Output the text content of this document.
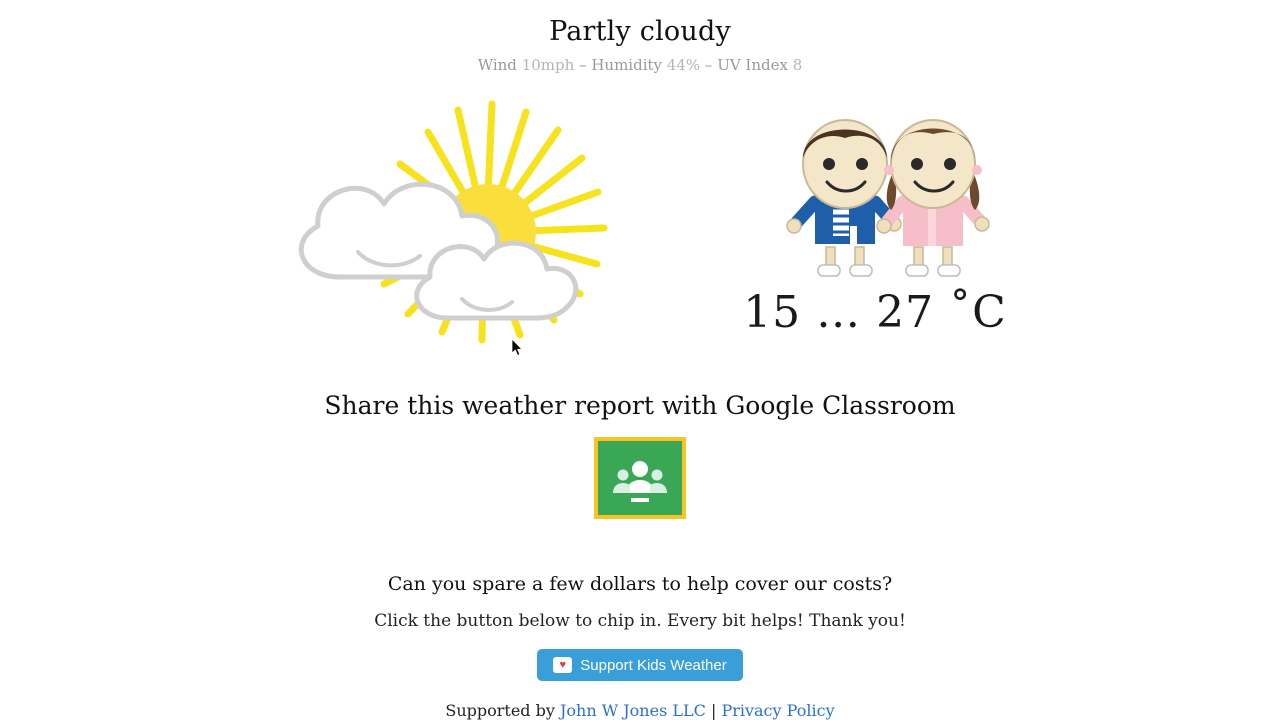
Partly cloudy
Wind 10mph – Humidity 44% – UV Index 8
15 … 27 ˚C
Share this weather report with Google Classroom
Can you spare a few dollars to help cover our costs?
Click the button below to chip in. Every bit helps! Thank you!
♥ Support Kids Weather
Supported by John W Jones LLC | Privacy Policy
